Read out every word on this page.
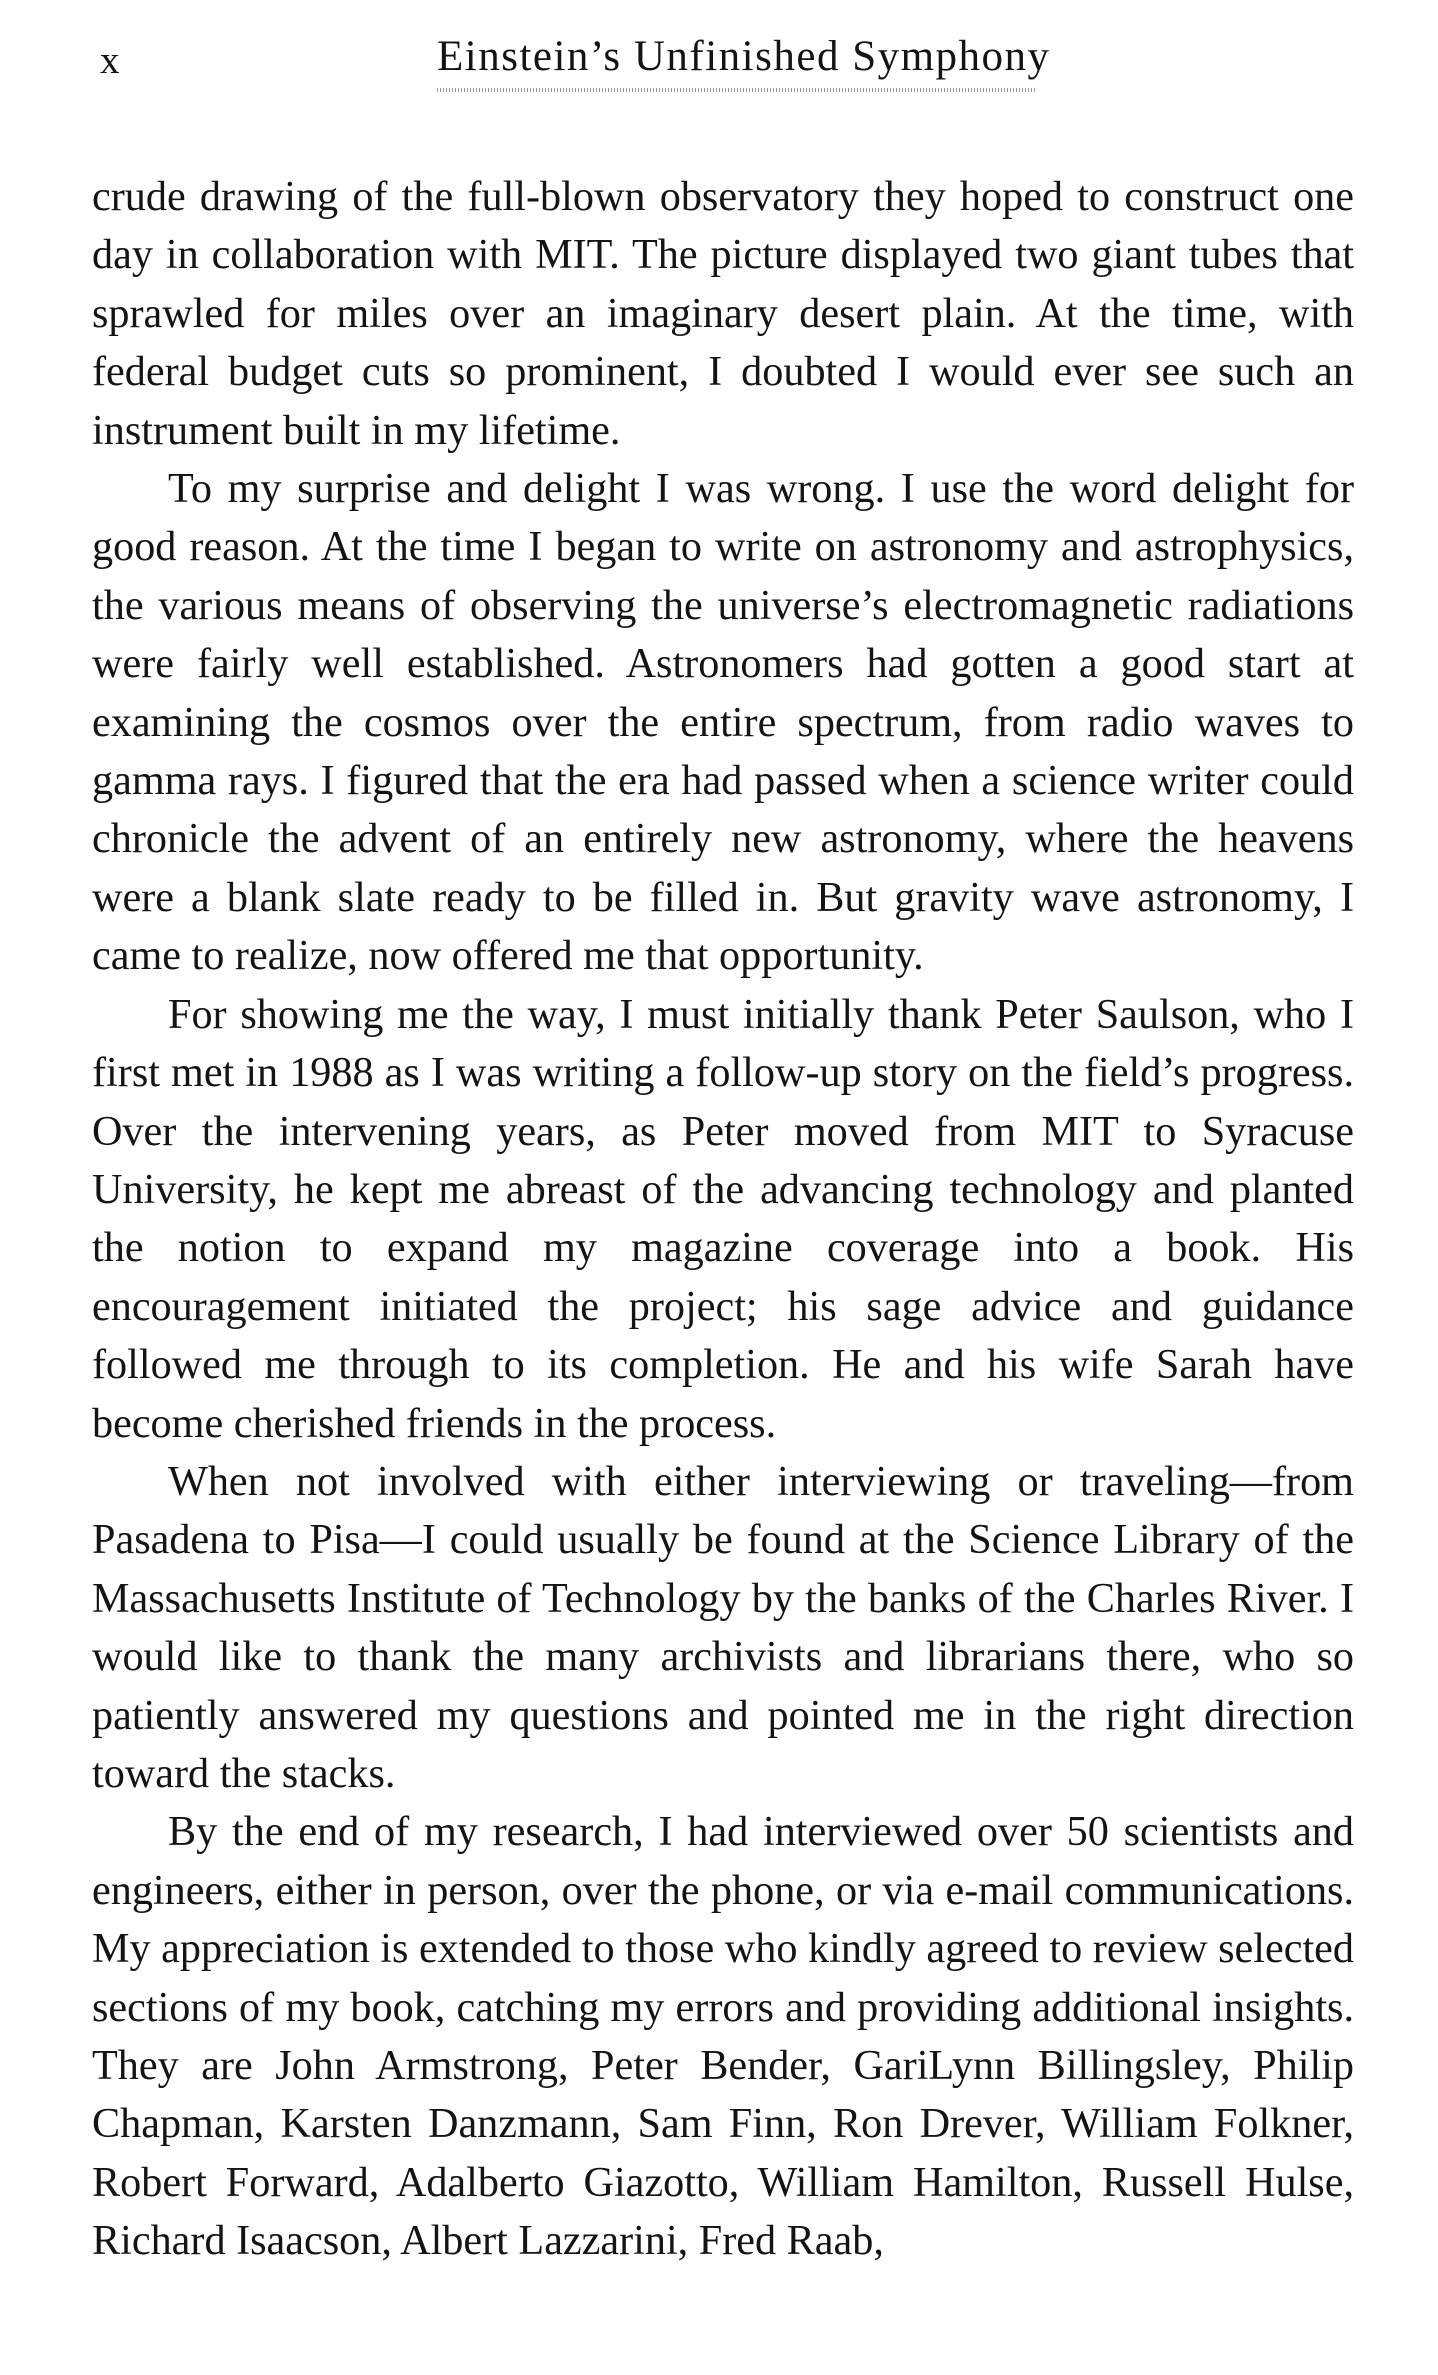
x	Einstein’s Unfinished Symphony

crude drawing of the full-blown observatory they hoped to construct one day in collaboration with MIT. The picture displayed two giant tubes that sprawled for miles over an imaginary desert plain. At the time, with federal budget cuts so prominent, I doubted I would ever see such an instrument built in my lifetime.

To my surprise and delight I was wrong. I use the word delight for good reason. At the time I began to write on astronomy and astrophysics, the various means of observing the universe’s electromagnetic radiations were fairly well established. Astronomers had gotten a good start at examining the cosmos over the entire spectrum, from radio waves to gamma rays. I figured that the era had passed when a science writer could chronicle the advent of an entirely new astronomy, where the heavens were a blank slate ready to be filled in. But gravity wave astronomy, I came to realize, now offered me that opportunity.

For showing me the way, I must initially thank Peter Saulson, who I first met in 1988 as I was writing a follow-up story on the field’s progress. Over the intervening years, as Peter moved from MIT to Syracuse University, he kept me abreast of the advancing technology and planted the notion to expand my magazine coverage into a book. His encouragement initiated the project; his sage advice and guidance followed me through to its completion. He and his wife Sarah have become cherished friends in the process.

When not involved with either interviewing or traveling—from Pasadena to Pisa—I could usually be found at the Science Library of the Massachusetts Institute of Technology by the banks of the Charles River. I would like to thank the many archivists and librarians there, who so patiently answered my questions and pointed me in the right direction toward the stacks.

By the end of my research, I had interviewed over 50 scientists and engineers, either in person, over the phone, or via e-mail communications. My appreciation is extended to those who kindly agreed to review selected sections of my book, catching my errors and providing additional insights. They are John Armstrong, Peter Bender, GariLynn Billingsley, Philip Chapman, Karsten Danzmann, Sam Finn, Ron Drever, William Folkner, Robert Forward, Adalberto Giazotto, William Hamilton, Russell Hulse, Richard Isaacson, Albert Lazzarini, Fred Raab,
